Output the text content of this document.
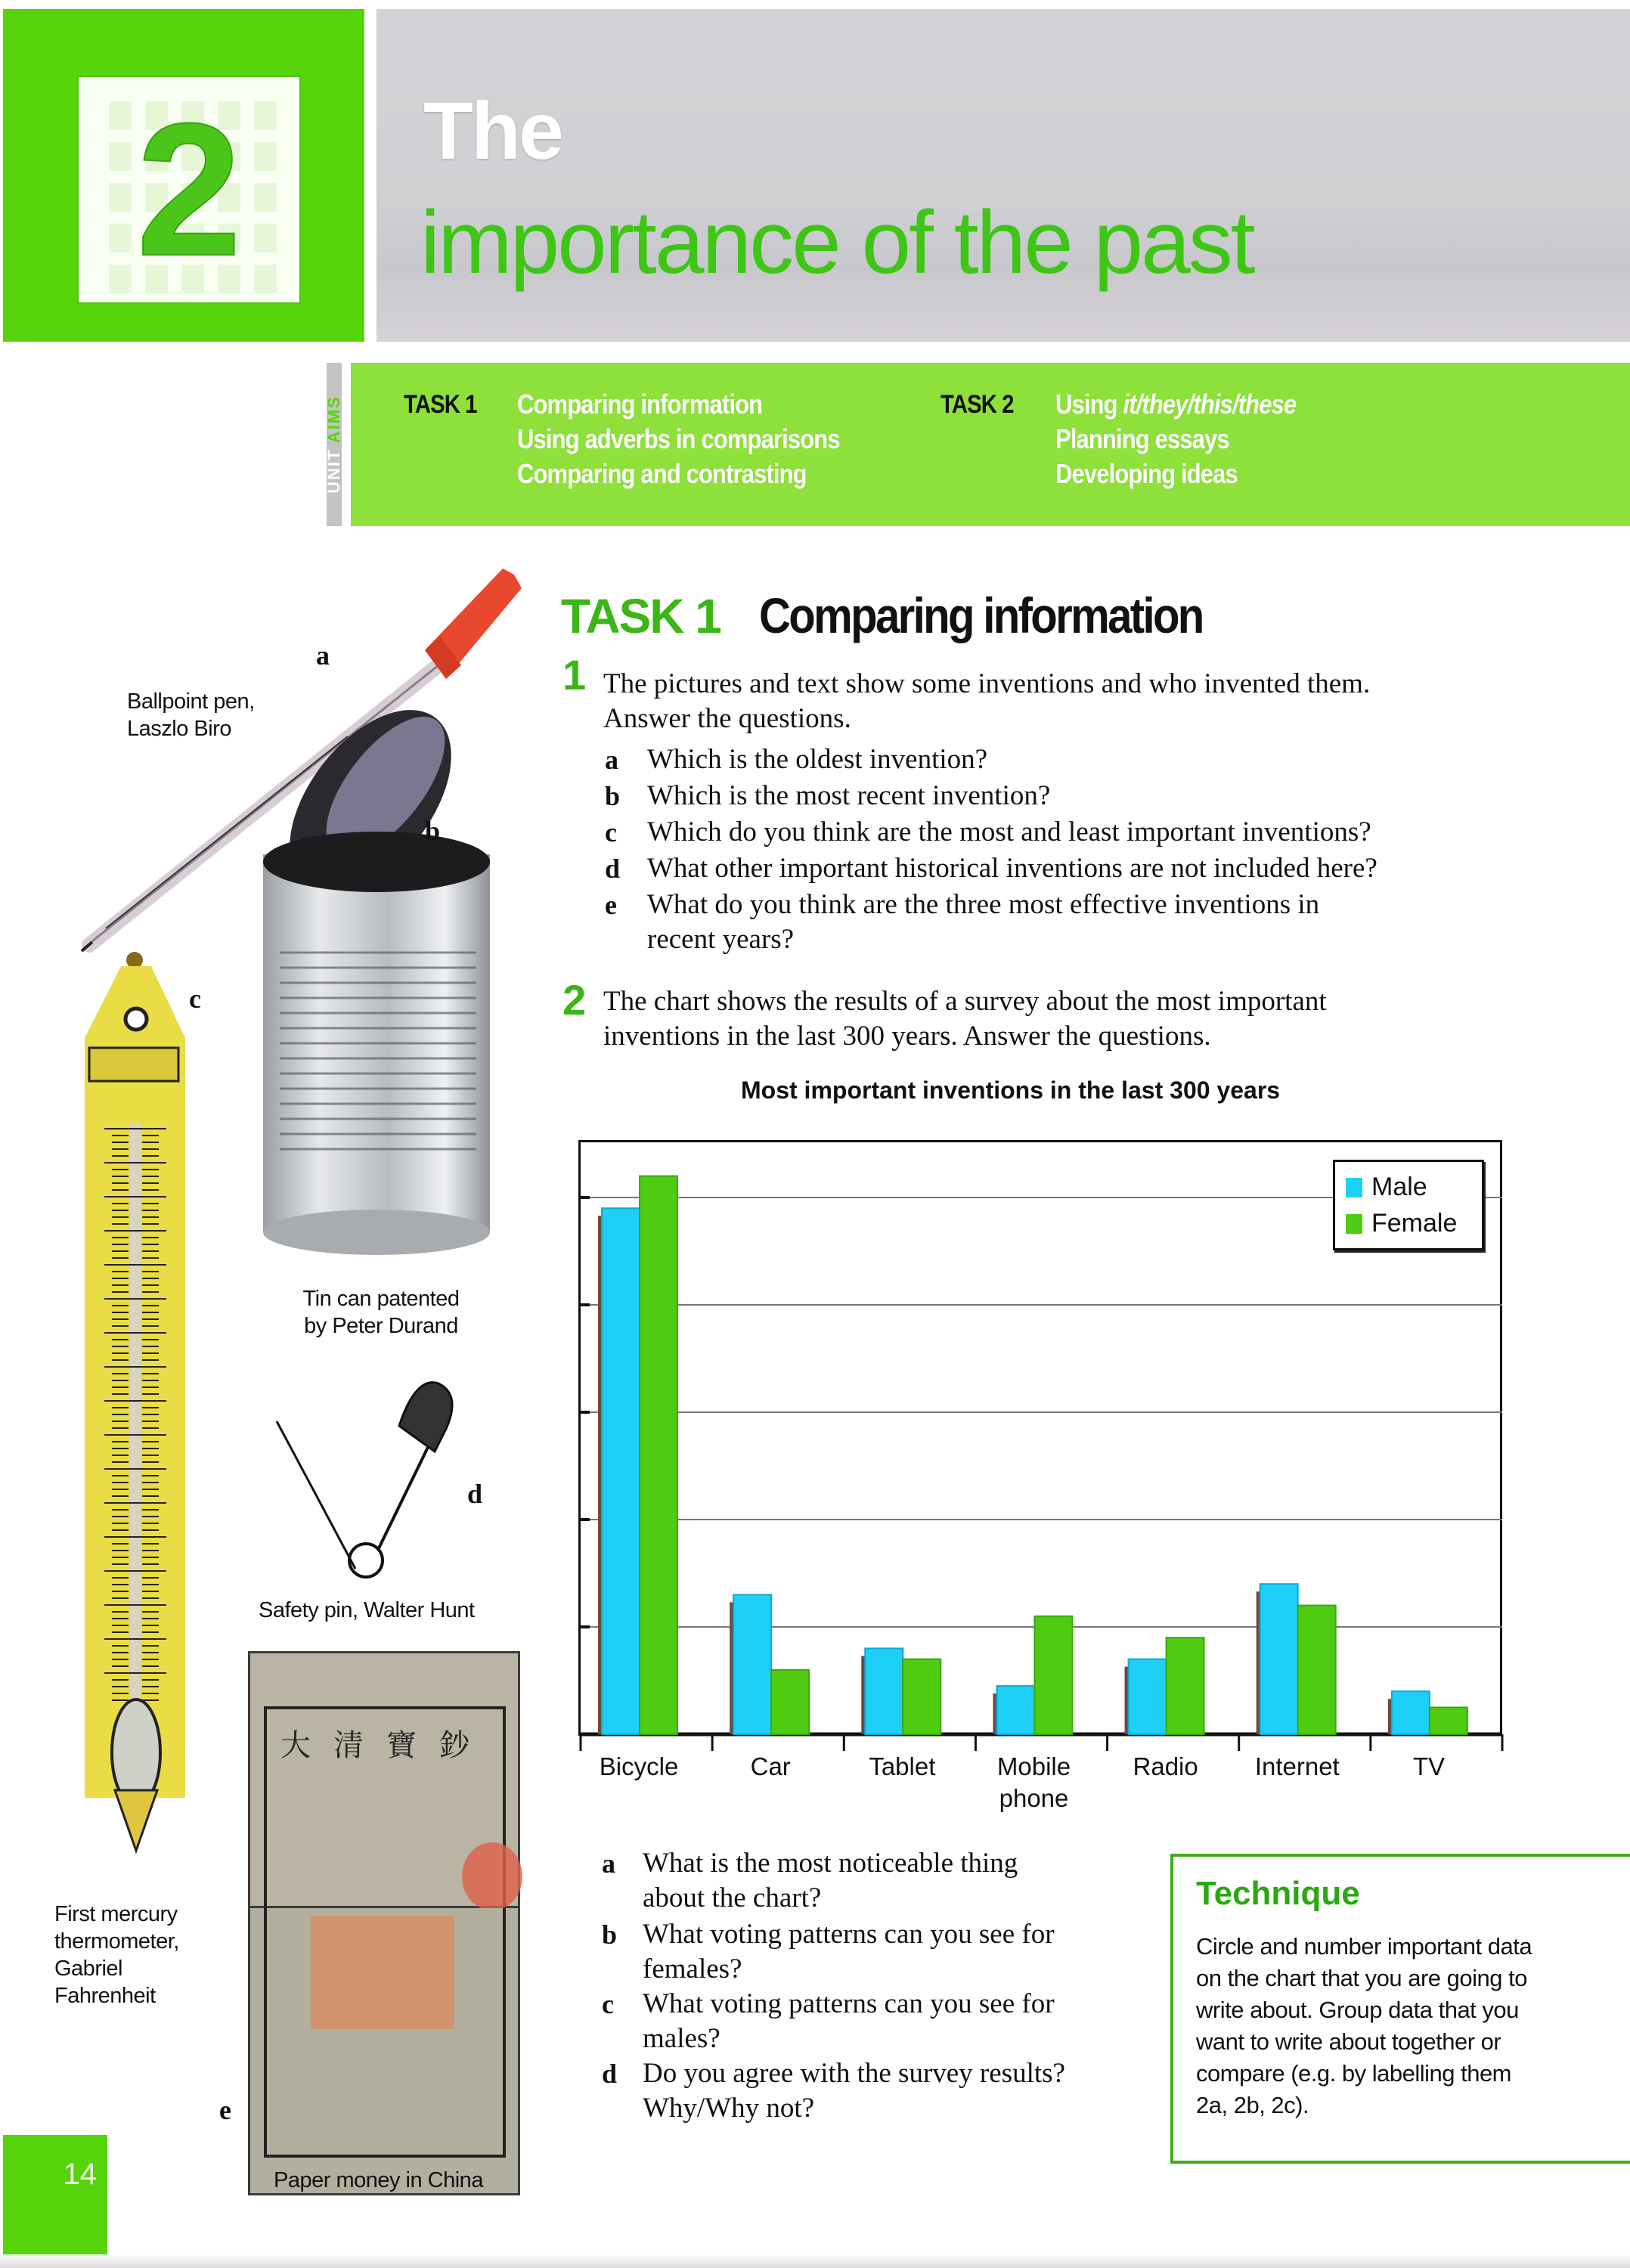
2	The
importance of the past
UNIT AIMS TASK 1 Comparing information
Using adverbs in comparisons
Comparing and contrasting
TASK 2 Using it/they/this/these
Planning essays
Developing ideas
TASK 1 Comparing information
1 The pictures and text show some inventions and who invented them.
Answer the questions.
a Which is the oldest invention?
b Which is the most recent invention?
c Which do you think are the most and least important inventions?
d What other important historical inventions are not included here?
e What do you think are the three most effective inventions in
recent years?
2 The chart shows the results of a survey about the most important
inventions in the last 300 years. Answer the questions.
Most important inventions in the last 300 years
Bicycle	Car	Tablet	Mobile
phone
Radio	Internet	TV
Male
Female
a What is the most noticeable thing
about the chart?
b What voting patterns can you see for
females?
c What voting patterns can you see for
males?
d Do you agree with the survey results?
Why/Why not?
Technique
Circle and number important data on the chart that you are going to write about. Group data that you want to write about together or compare (e.g. by labelling them 2a, 2b, 2c).
a
Ballpoint pen,
Laszlo Biro
b
Tin can patented
by Peter Durand
c
First mercury
thermometer,
Gabriel
Fahrenheit
d
Safety pin, Walter Hunt
大清寶鈔
e
Paper money in China
14
